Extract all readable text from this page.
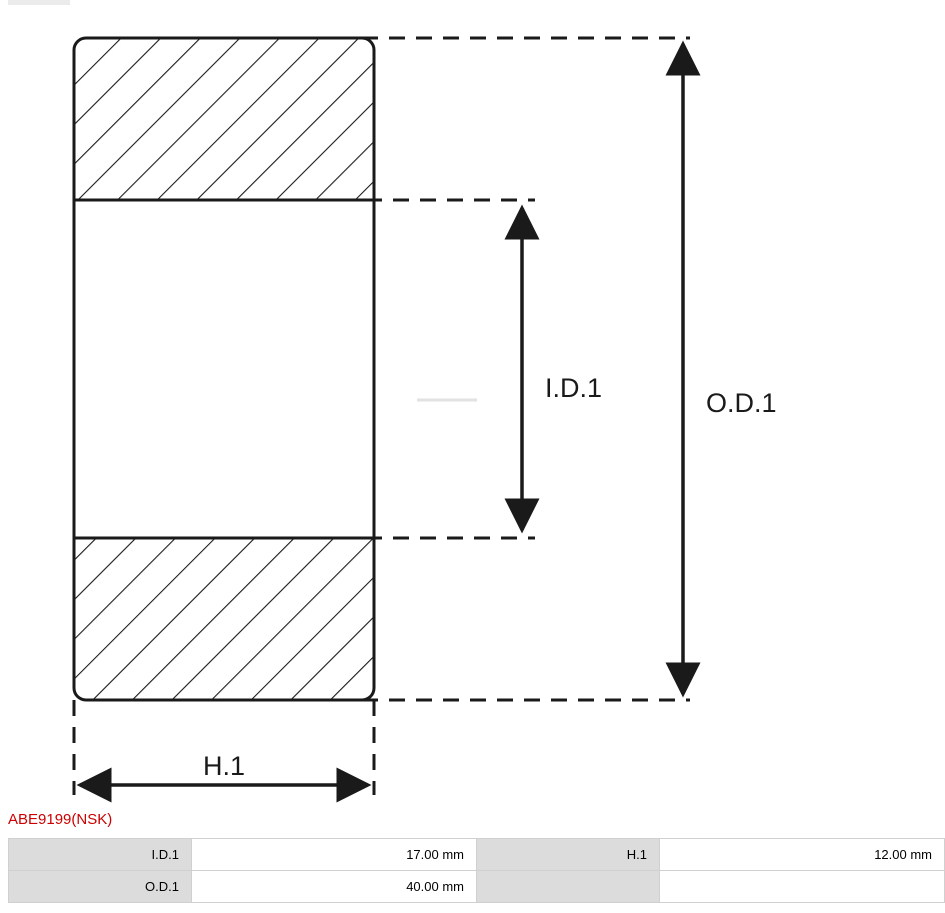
I.D.1	O.D.1
H.1
ABE9199(NSK)
I.D.1	17.00 mm	H.1	12.00 mm
O.D.1	40.00 mm		
